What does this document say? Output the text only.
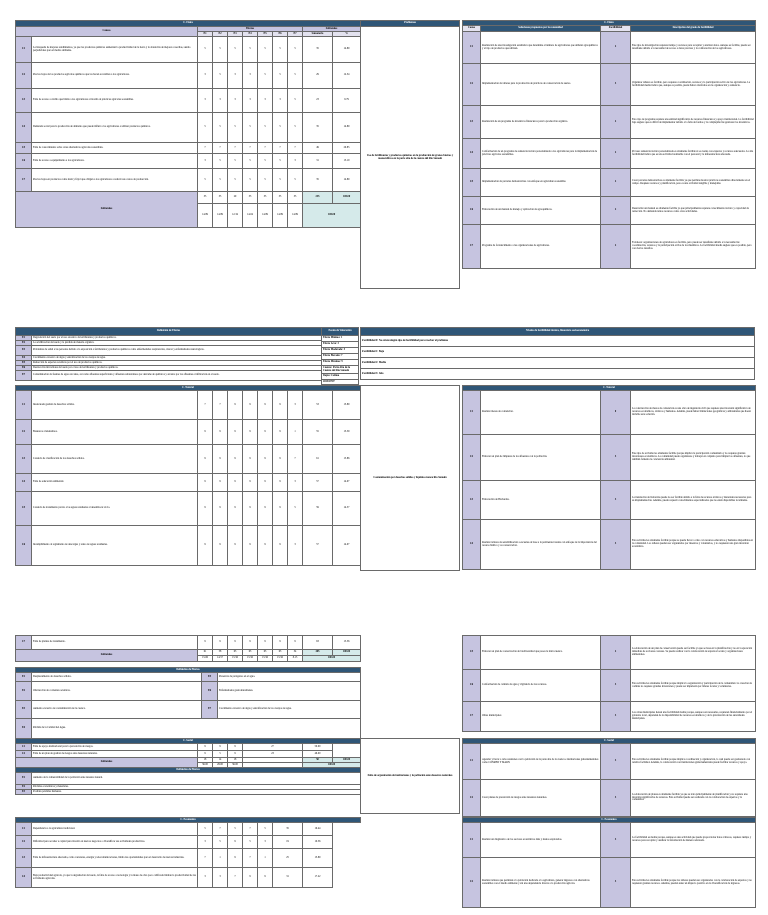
C. Físico										
Causas		Efectos							Subtotales	
		E1	E2	E3	E4	E5	E6	E7	Sumatoria	%
C1	La búsqueda de mejores rendimientos, ya que los productos químicos aumentan la productividad de la tierra y la obtención de mejores cosechas, siendo perjudiciales para el medio ambiente.	5	5	5	5	5	5	5	35	14.89
C2	Precios bajos de los productos agrícolas químicos que los hacen accesibles a los agricultores.	3	5	3	3	5	5	5	29	12.34
C3	Falta de acceso a crédito que limita a los agricultores a invertir en prácticas agrícolas sostenibles.	3	3	3	3	3	3	5	23	9.79
C4	Demanda social para la producción de alimento que puede influir a los agricultores a utilizar productos químicos.	5	5	5	5	5	5	5	35	14.89
C5	Falta de conocimiento sobre otras alternativas agrícolas sostenibles.	7	7	7	7	7	7	7	49	20.85
C6	Falta de acceso a equipamiento a los agricultores.	3	5	5	5	5	5	3	31	13.19
C7	Precios bajos en productos como maíz y frijol que obligan a los agricultores a reducir sus costos de producción.	5	5	5	5	5	5	5	35	14.89
Subtotales		35	35	29	33	35	35	35	235	100.00
		14.89	14.89	12.34	14.04	14.89	14.89	14.89	100.00	
Problemas
Uso de fertilizantes y productos químicos en la producción de granos básicos y monocultivos en la parte alta de la cuenca del Río Sumalá
C. Físico			
Causa	Soluciones propuestas por la comunidad	Factibilidad	Descripción del grado de factibilidad
C1	Realización de una investigación estadística que determine el número de agricultores que utilizan agroquímicos y el tipo de productos que utilizan.	2	Este tipo de investigación requiere tiempo y recursos para recopilar y analizar datos. Aunque es factible, puede ser desafiante debido a la necesidad de acceso a datos precisos y la colaboración de los agricultores.
C2	Implementación de talleres para la promoción de prácticas de conservación de suelos.	3	Organizar talleres es factible, pero requiere coordinación, recursos y la participación activa de los agricultores. La factibilidad media indica que, aunque es posible, puede haber obstáculos en la organización y asistencia.
C3	Realización de un programa de incentivos financieros para la producción orgánica.	2	Esto tipo de programa requiere una entidad significativa de recursos financieros y apoyo institucional. La factibilidad baja sugiere que es difícil de implementar debido a la falta de fondos y la complejidad de gestionar los incentivos.
C4	Conformación de un programa de asistencia técnica personalizada a los agricultores para la implementación de prácticas agrícolas sostenibles.	2	Proveer asistencia técnica personalizada es altamente factible si se cuenta con expertos y recursos adecuados. La alta factibilidad indica que es una actividad realizable con el personal y la infraestructura adecuada.
C5	Implementación de parcelas demostrativas con enfoque en agricultura sostenible.	2	Crear parcelas demostrativas es altamente factible ya que permite mostrar prácticas sostenibles directamente en el campo. Requiere recursos y planificación, pero es una actividad tangible y manejable.
C6	Elaboración de un manual de manejo y aplicación de agroquímicos.	2	Desarrollar un manual es altamente factible ya que principalmente requiere conocimiento técnico y capacidad de redacción. No demanda tantos recursos como otras actividades.
C7	Programa de fortalecimiento a las organizaciones de agricultores.	2	Fortalecer organizaciones de agricultores es factible, pero puede ser desafiante debido a la necesidad de coordinación, recursos y la participación activa de los miembros. La factibilidad media sugiere que es posible, pero con ciertos desafíos.
Definición de Efectos	
E1	Degradación del suelo por el uso excesivo de fertilizantes y productos químicos.
E2	La acidificación del suelo y la pérdida de materia orgánica.
E3	Problemas de salud a las personas debido a la exposición a fertilizantes y productos químicos como enfermedades respiratorias, cáncer y enfermedades neurológicas.
E4	Crecimiento excesivo de algas y eutrofización de los cuerpos de agua.
E5	Reducción de especies acuáticas por el uso de productos químicos.
E6	Destrucción microbiana del suelo por el uso de fertilizantes y productos químicos.
E7	Contaminación de fuentes de agua cercanas, así como afluentes superficiales y afluentes subterráneos por derrame de químicos y arrastre por los afluentes e infiltración en el suelo.
Escala de Valoración
Efecto Mínimo: 1
Efecto Leve: 3
Efecto Moderado: 5
Efecto Elevado: 7
Efecto Máximo: 9
Cuenca: Parte Alta de la Cuenca del Río Sumalá
Depto: Colima
202310707
Niveles de factibilidad técnica, financiera socioeconómica
Factibilidad 0: No existe ningún tipo de factibilidad para resolver el problema
Factibilidad 1: Baja
Factibilidad 2: Media
Factibilidad 3: Alta
C. Natural										
C1	Inadecuada gestión de desechos sólidos.	7	7	9	9	9	9	3	53	13.89
C2	Basureros clandestinos.	9	9	9	9	9	9	1	55	13.59
C3	Carencia de clasificación de los desechos sólidos.	9	9	9	9	9	9	7	61	15.86
C4	Falta de educación ambiental.	9	9	9	9	9	9	3	57	14.07
C5	Carencia de tratamiento previo a las aguas residuales al desembocar al río.	9	9	9	9	9	9	5	59	14.57
C6	Incumplimiento al reglamento de descargas y reúso de aguas residuales.	9	9	9	9	9	9	3	57	14.07
Contaminación por desechos sólidos y líquidos cuenca Río Sumalá
C. Natural			
C1	Realizar mesas de contención.	0	La construcción de muros de contención es una obra de ingeniería civil que requiere una inversión significativa de recursos económicos, técnicos y humanos. Además, puede haber limitaciones geográficas y ambientales que hacen inviable esta solución.
C2	Elaborar un plan de limpieza de los afluentes con la población.	3	Este tipo de actividad es altamente factible porque implica la participación comunitaria y no requiere grandes inversiones económicas. La comunidad puede organizarse y trabajar en conjunto para limpiar los afluentes, lo que también fomenta la conciencia ambiental.
C3	Elaboración de Biobardas.	3	La instalación de biobardas puede no ser factible debido a la falta de recursos técnicos y materiales necesarios para su implementación. Además, puede requerir conocimientos especializados que no estén disponibles localmente.
C4	Realizar talleres de sensibilización a escuelas en base a la pertinente/carente con enfoque de la importancia del recurso hídrico y su conservación.	3	Esta actividad es altamente factible porque se puede llevar a cabo con recursos educativos y humanos disponibles en la comunidad. Los talleres pueden ser organizados por maestros y voluntarios, y no requieren una gran inversión económica.
C7	Falta de plantas de tratamiento.	9	9	9	9	9	9	9	63	15.56
Subtotales		61	58	63	63	63	63	34	405	100.00
		15.06	14.57	15.56	15.56	15.56	15.56	8.15	100.00	
Definición de Efectos			
E1	Desplazamiento de desechos sólidos.	E5	Presencia de patógenos en el agua.
E2	Obstrucción de corrientes acuáticas.	E6	Enfermedades gastrointestinales.
E3	Aumento excesivo de contaminación de la cuenca.	E7	Crecimiento excesivo de algas y eutrofización de los cuerpos de agua.
E4	Pérdida de la Calidad del Agua.		
C. Social							
C1	Falta de apoyo institucional para la prevención de riesgos.	9	9	9	27	50.00	
C2	Falta de un plan de gestión de riesgos ante desastres naturales.	9	5	9	23	46.00	
Subtotales		18	14	18		50	100.00
		36.00	28.00	36.00		100.00	
Definición de Efectos							
E1	Aumento de la vulnerabilidad de la población ante desastre natural.						
E2	Pérdidas económicas y materiales.						
E3	Posibles pérdidas humanas.						
C. Económico								
C1	Dependencia a la agricultura tradicional.	5	7	5	7	5	35	19.44
C2	Dificultad para acceder a capital para invertir en nuevos negocios o diversificar sus actividades productivas.	3	5	9	5	3	19	10.56
C3	Falta de infraestructura adecuada, como carreteras, energía y telecomunicaciones, limita las oportunidades para el desarrollo de nuevas industrias.	7	1	9	7	1	25	13.89
C4	Baja productividad agrícola, ya que la degradación del suelo, la falta de acceso a tecnología y la mano de obra poco calificada limitan la productividad de las actividades agrícolas.	3	3	7	9	9	31	17.22
C5	Elaborar un plan de conservación de biodiversidad que posea la microcuenca.	2	La elaboración de un plan de conservación puede ser factible ya que se basa en la planificación y no en la ejecución inmediata de acciones costosas. Se puede realizar con la colaboración de expertos locales y organizaciones ambientales.
C6	Conformación de comités de agua y vigilancia de los recursos.	3	Esta actividad es altamente factible porque implica la organización y participación de la comunidad. La creación de comités no requiere grandes inversiones y puede ser impulsada por líderes locales y voluntarios.
C7	Obras municipales	3	Las obras municipales tienen una factibilidad media porque, aunque son necesarias, requieren financiamiento por el gobierno local, dependen de la disponibilidad de recursos económicos y de la priorización de las autoridades municipales.
Falta de organización de instituciones y la población ante desastres naturales
C. Social			
C1	Agendar y llevar a cabo reuniones con la población de la parte alta de la cuenca e instituciones gubernamentales como CONRED Y MARN	3	Esta actividad es altamente factible porque implica coordinación y organización, lo cual puede ser gestionado con relativa facilidad. Además, la colaboración con instituciones gubernamentales puede facilitar recursos y apoyo.
C2	Crear planes de prevención de riesgos ante desastres naturales.	3	La elaboración de planes es altamente factible ya que se trata principalmente de planificación y no requiere una inversión significativa de recursos. Esta actividad puede ser realizada con la colaboración de expertos y la comunidad.
C. Económico			
C1	Realizar un diagnóstico de los sectores económicos más y menos explotados.	3	La factibilidad es media porque, aunque es una actividad que puede proporcionar datos valiosos, requiere tiempo y recursos para recopilar y analizar la información de manera adecuada.
C2	Realizar talleres que permitan a la población dedicada a la agricultura, generar ingresos con alternativas sostenibles con el medio ambiente y sin una dependencia directa a la producción agrícola.	3	Esta actividad es altamente factible porque los talleres pueden ser organizados con la colaboración de expertos y no requieren grandes recursos. Además, pueden tener un impacto positivo en la diversificación de ingresos.
